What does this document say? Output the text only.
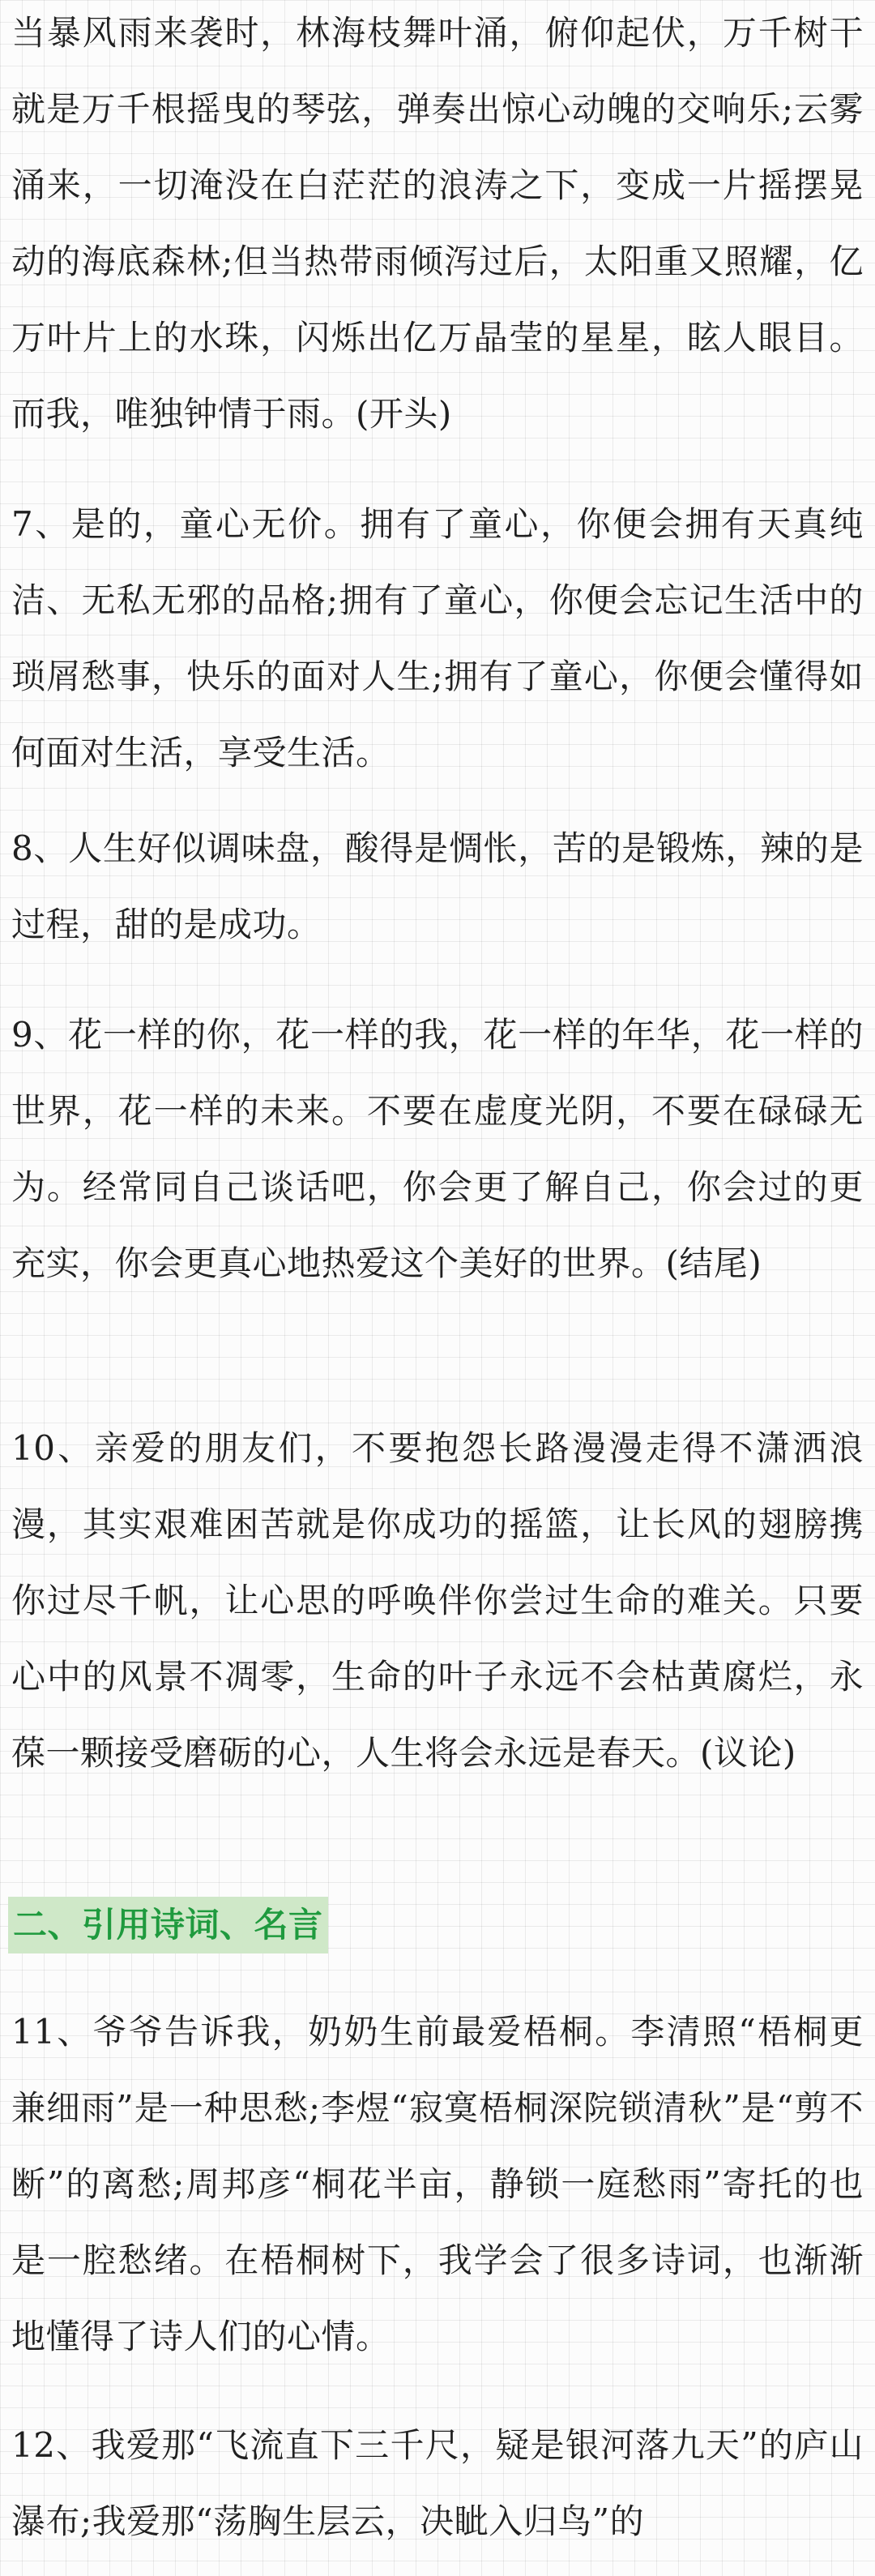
当暴风雨来袭时，林海枝舞叶涌，俯仰起伏，万千树干就是万千根摇曳的琴弦，弹奏出惊心动魄的交响乐;云雾涌来，一切淹没在白茫茫的浪涛之下，变成一片摇摆晃动的海底森林;但当热带雨倾泻过后，太阳重又照耀，亿万叶片上的水珠，闪烁出亿万晶莹的星星，眩人眼目。而我，唯独钟情于雨。(开头)

7、是的，童心无价。拥有了童心，你便会拥有天真纯洁、无私无邪的品格;拥有了童心，你便会忘记生活中的琐屑愁事，快乐的面对人生;拥有了童心，你便会懂得如何面对生活，享受生活。

8、人生好似调味盘，酸得是惆怅，苦的是锻炼，辣的是过程，甜的是成功。

9、花一样的你，花一样的我，花一样的年华，花一样的世界，花一样的未来。不要在虚度光阴，不要在碌碌无为。经常同自己谈话吧，你会更了解自己，你会过的更充实，你会更真心地热爱这个美好的世界。(结尾)

10、亲爱的朋友们，不要抱怨长路漫漫走得不潇洒浪漫，其实艰难困苦就是你成功的摇篮，让长风的翅膀携你过尽千帆，让心思的呼唤伴你尝过生命的难关。只要心中的风景不凋零，生命的叶子永远不会枯黄腐烂，永葆一颗接受磨砺的心，人生将会永远是春天。(议论)

二、引用诗词、名言

11、爷爷告诉我，奶奶生前最爱梧桐。李清照“梧桐更兼细雨”是一种思愁;李煜“寂寞梧桐深院锁清秋”是“剪不断”的离愁;周邦彦“桐花半亩，静锁一庭愁雨”寄托的也是一腔愁绪。在梧桐树下，我学会了很多诗词，也渐渐地懂得了诗人们的心情。

12、我爱那“飞流直下三千尺，疑是银河落九天”的庐山瀑布;我爱那“荡胸生层云，决眦入归鸟”的
